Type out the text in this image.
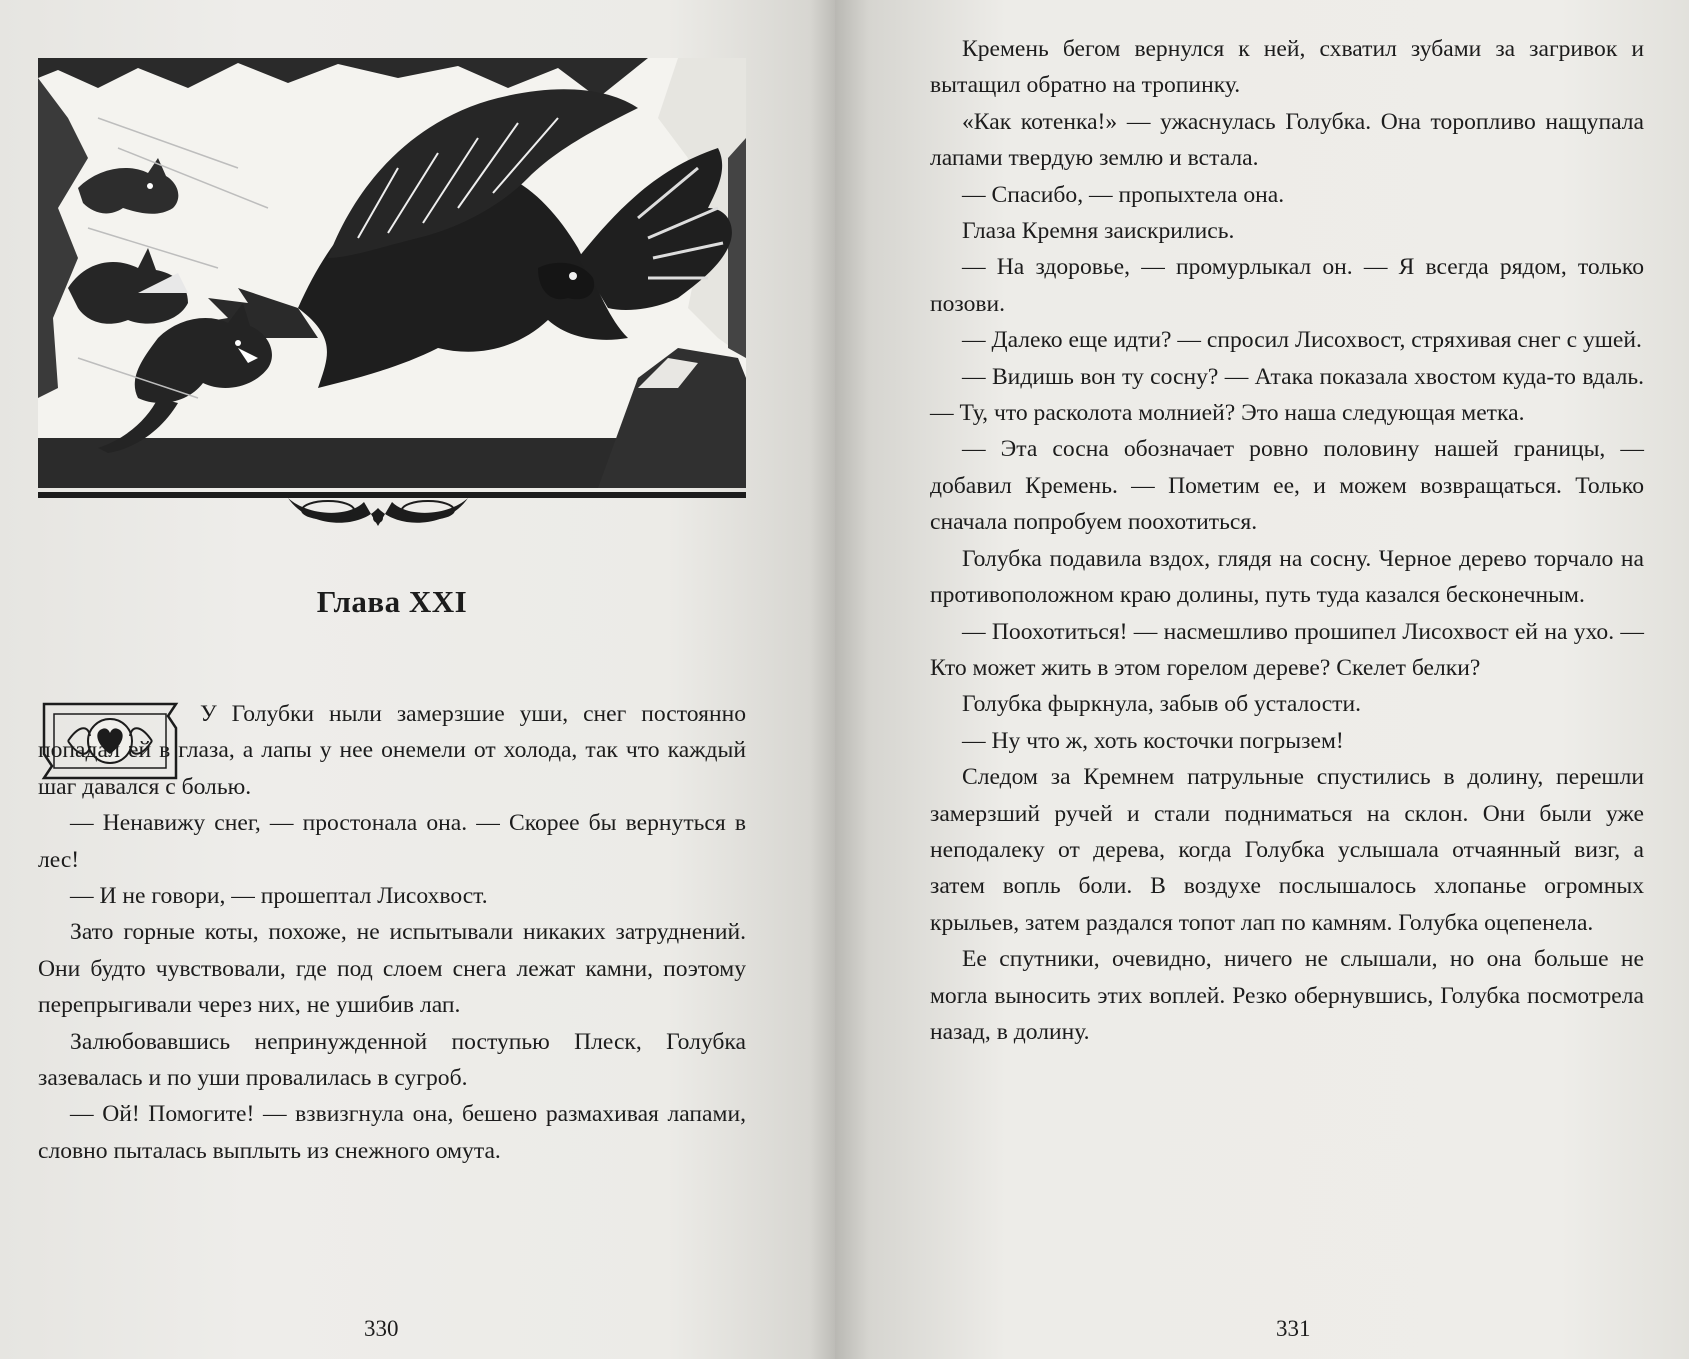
Глава XXI

У Голубки ныли замерзшие уши, снег постоянно попадал ей в глаза, а лапы у нее онемели от холода, так что каждый шаг давался с болью.

— Ненавижу снег, — простонала она. — Скорее бы вернуться в лес!

— И не говори, — прошептал Лисохвост.

Зато горные коты, похоже, не испытывали никаких затруднений. Они будто чувствовали, где под слоем снега лежат камни, поэтому перепрыгивали через них, не ушибив лап.

Залюбовавшись непринужденной поступью Плеск, Голубка зазевалась и по уши провалилась в сугроб.

— Ой! Помогите! — взвизгнула она, бешено размахивая лапами, словно пыталась выплыть из снежного омута.

330	331

Кремень бегом вернулся к ней, схватил зубами за загривок и вытащил обратно на тропинку.

«Как котенка!» — ужаснулась Голубка. Она торопливо нащупала лапами твердую землю и встала.

— Спасибо, — пропыхтела она.

Глаза Кремня заискрились.

— На здоровье, — промурлыкал он. — Я всегда рядом, только позови.

— Далеко еще идти? — спросил Лисохвост, стряхивая снег с ушей.

— Видишь вон ту сосну? — Атака показала хвостом куда-то вдаль. — Ту, что расколота молнией? Это наша следующая метка.

— Эта сосна обозначает ровно половину нашей границы, — добавил Кремень. — Пометим ее, и можем возвращаться. Только сначала попробуем поохотиться.

Голубка подавила вздох, глядя на сосну. Черное дерево торчало на противоположном краю долины, путь туда казался бесконечным.

— Поохотиться! — насмешливо прошипел Лисохвост ей на ухо. — Кто может жить в этом горелом дереве? Скелет белки?

Голубка фыркнула, забыв об усталости.

— Ну что ж, хоть косточки погрызем!

Следом за Кремнем патрульные спустились в долину, перешли замерзший ручей и стали подниматься на склон. Они были уже неподалеку от дерева, когда Голубка услышала отчаянный визг, а затем вопль боли. В воздухе послышалось хлопанье огромных крыльев, затем раздался топот лап по камням. Голубка оцепенела.

Ее спутники, очевидно, ничего не слышали, но она больше не могла выносить этих воплей. Резко обернувшись, Голубка посмотрела назад, в долину.
